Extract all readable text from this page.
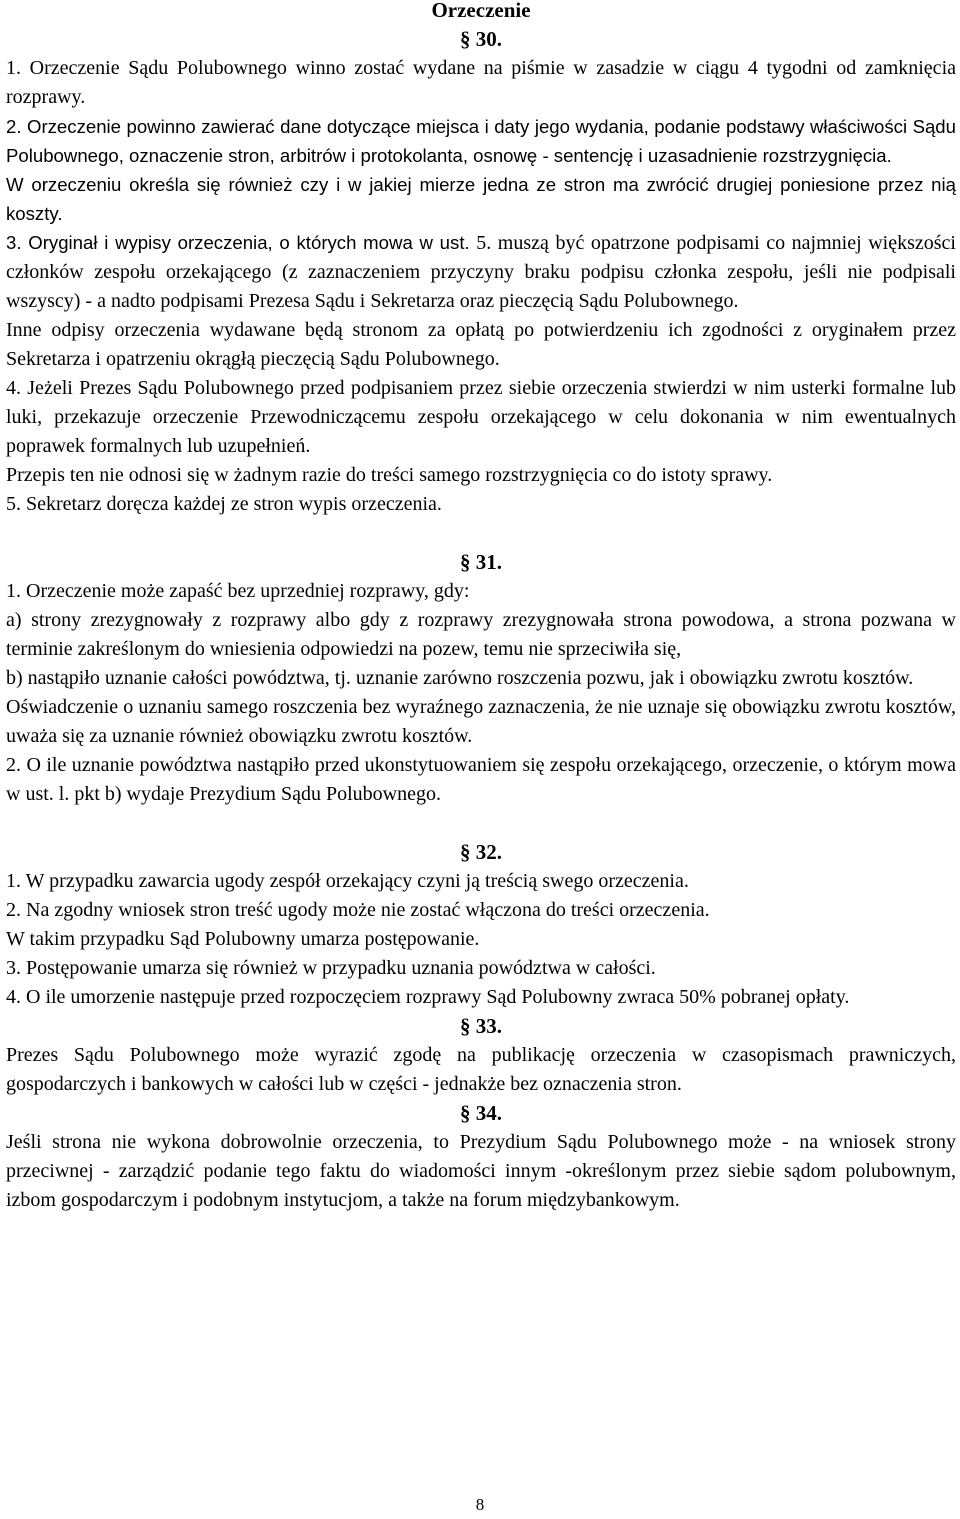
Orzeczenie
§ 30.

1. Orzeczenie Sądu Polubownego winno zostać wydane na piśmie w zasadzie w ciągu 4 tygodni od zamknięcia rozprawy.

2. Orzeczenie powinno zawierać dane dotyczące miejsca i daty jego wydania, podanie podstawy właściwości Sądu Polubownego, oznaczenie stron, arbitrów i protokolanta, osnowę - sentencję i uzasadnienie rozstrzygnięcia.

W orzeczeniu określa się również czy i w jakiej mierze jedna ze stron ma zwrócić drugiej poniesione przez nią koszty.

3. Oryginał i wypisy orzeczenia, o których mowa w ust. 5. muszą być opatrzone podpisami co najmniej większości członków zespołu orzekającego (z zaznaczeniem przyczyny braku podpisu członka zespołu, jeśli nie podpisali wszyscy) - a nadto podpisami Prezesa Sądu i Sekretarza oraz pieczęcią Sądu Polubownego.

Inne odpisy orzeczenia wydawane będą stronom za opłatą po potwierdzeniu ich zgodności z oryginałem przez Sekretarza i opatrzeniu okrągłą pieczęcią Sądu Polubownego.

4. Jeżeli Prezes Sądu Polubownego przed podpisaniem przez siebie orzeczenia stwierdzi w nim usterki formalne lub luki, przekazuje orzeczenie Przewodniczącemu zespołu orzekającego w celu dokonania w nim ewentualnych poprawek formalnych lub uzupełnień.

Przepis ten nie odnosi się w żadnym razie do treści samego rozstrzygnięcia co do istoty sprawy.

5. Sekretarz doręcza każdej ze stron wypis orzeczenia.

§ 31.

1. Orzeczenie może zapaść bez uprzedniej rozprawy, gdy:

a) strony zrezygnowały z rozprawy albo gdy z rozprawy zrezygnowała strona powodowa, a strona pozwana w terminie zakreślonym do wniesienia odpowiedzi na pozew, temu nie sprzeciwiła się,

b) nastąpiło uznanie całości powództwa, tj. uznanie zarówno roszczenia pozwu, jak i obowiązku zwrotu kosztów.

Oświadczenie o uznaniu samego roszczenia bez wyraźnego zaznaczenia, że nie uznaje się obowiązku zwrotu kosztów, uważa się za uznanie również obowiązku zwrotu kosztów.

2. O ile uznanie powództwa nastąpiło przed ukonstytuowaniem się zespołu orzekającego, orzeczenie, o którym mowa w ust. l. pkt b) wydaje Prezydium Sądu Polubownego.

§ 32.

1. W przypadku zawarcia ugody zespół orzekający czyni ją treścią swego orzeczenia.

2. Na zgodny wniosek stron treść ugody może nie zostać włączona do treści orzeczenia.

W takim przypadku Sąd Polubowny umarza postępowanie.

3. Postępowanie umarza się również w przypadku uznania powództwa w całości.

4. O ile umorzenie następuje przed rozpoczęciem rozprawy Sąd Polubowny zwraca 50% pobranej opłaty.

§ 33.

Prezes Sądu Polubownego może wyrazić zgodę na publikację orzeczenia w czasopismach prawniczych, gospodarczych i bankowych w całości lub w części - jednakże bez oznaczenia stron.

§ 34.

Jeśli strona nie wykona dobrowolnie orzeczenia, to Prezydium Sądu Polubownego może - na wniosek strony przeciwnej - zarządzić podanie tego faktu do wiadomości innym -określonym przez siebie sądom polubownym, izbom gospodarczym i podobnym instytucjom, a także na forum międzybankowym.

8
